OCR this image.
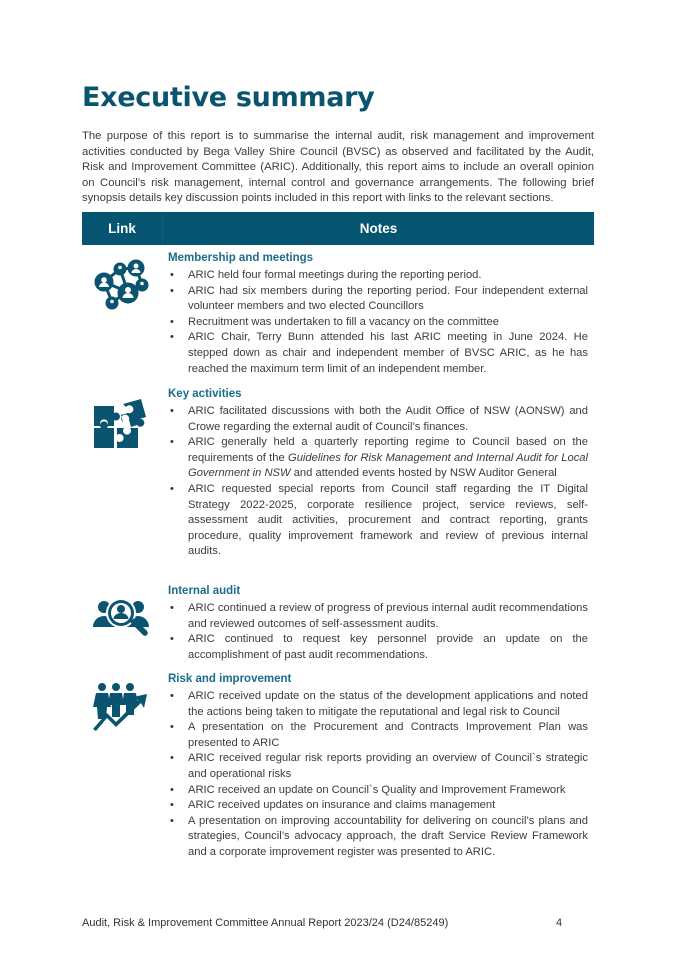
Executive summary

The purpose of this report is to summarise the internal audit, risk management and improvement activities conducted by Bega Valley Shire Council (BVSC) as observed and facilitated by the Audit, Risk and Improvement Committee (ARIC). Additionally, this report aims to include an overall opinion on Council’s risk management, internal control and governance arrangements. The following brief synopsis details key discussion points included in this report with links to the relevant sections.

Link	Notes
Membership and meetings
• ARIC held four formal meetings during the reporting period.
• ARIC had six members during the reporting period. Four independent external volunteer members and two elected Councillors
• Recruitment was undertaken to fill a vacancy on the committee
• ARIC Chair, Terry Bunn attended his last ARIC meeting in June 2024. He stepped down as chair and independent member of BVSC ARIC, as he has reached the maximum term limit of an independent member.
Key activities
• ARIC facilitated discussions with both the Audit Office of NSW (AONSW) and Crowe regarding the external audit of Council’s finances.
• ARIC generally held a quarterly reporting regime to Council based on the requirements of the Guidelines for Risk Management and Internal Audit for Local Government in NSW and attended events hosted by NSW Auditor General
• ARIC requested special reports from Council staff regarding the IT Digital Strategy 2022-2025, corporate resilience project, service reviews, self-assessment audit activities, procurement and contract reporting, grants procedure, quality improvement framework and review of previous internal audits.
Internal audit
• ARIC continued a review of progress of previous internal audit recommendations and reviewed outcomes of self-assessment audits.
• ARIC continued to request key personnel provide an update on the accomplishment of past audit recommendations.
Risk and improvement
• ARIC received update on the status of the development applications and noted the actions being taken to mitigate the reputational and legal risk to Council
• A presentation on the Procurement and Contracts Improvement Plan was presented to ARIC
• ARIC received regular risk reports providing an overview of Council`s strategic and operational risks
• ARIC received an update on Council`s Quality and Improvement Framework
• ARIC received updates on insurance and claims management
• A presentation on improving accountability for delivering on council’s plans and strategies, Council’s advocacy approach, the draft Service Review Framework and a corporate improvement register was presented to ARIC.
Audit, Risk & Improvement Committee Annual Report 2023/24 (D24/85249)	4
